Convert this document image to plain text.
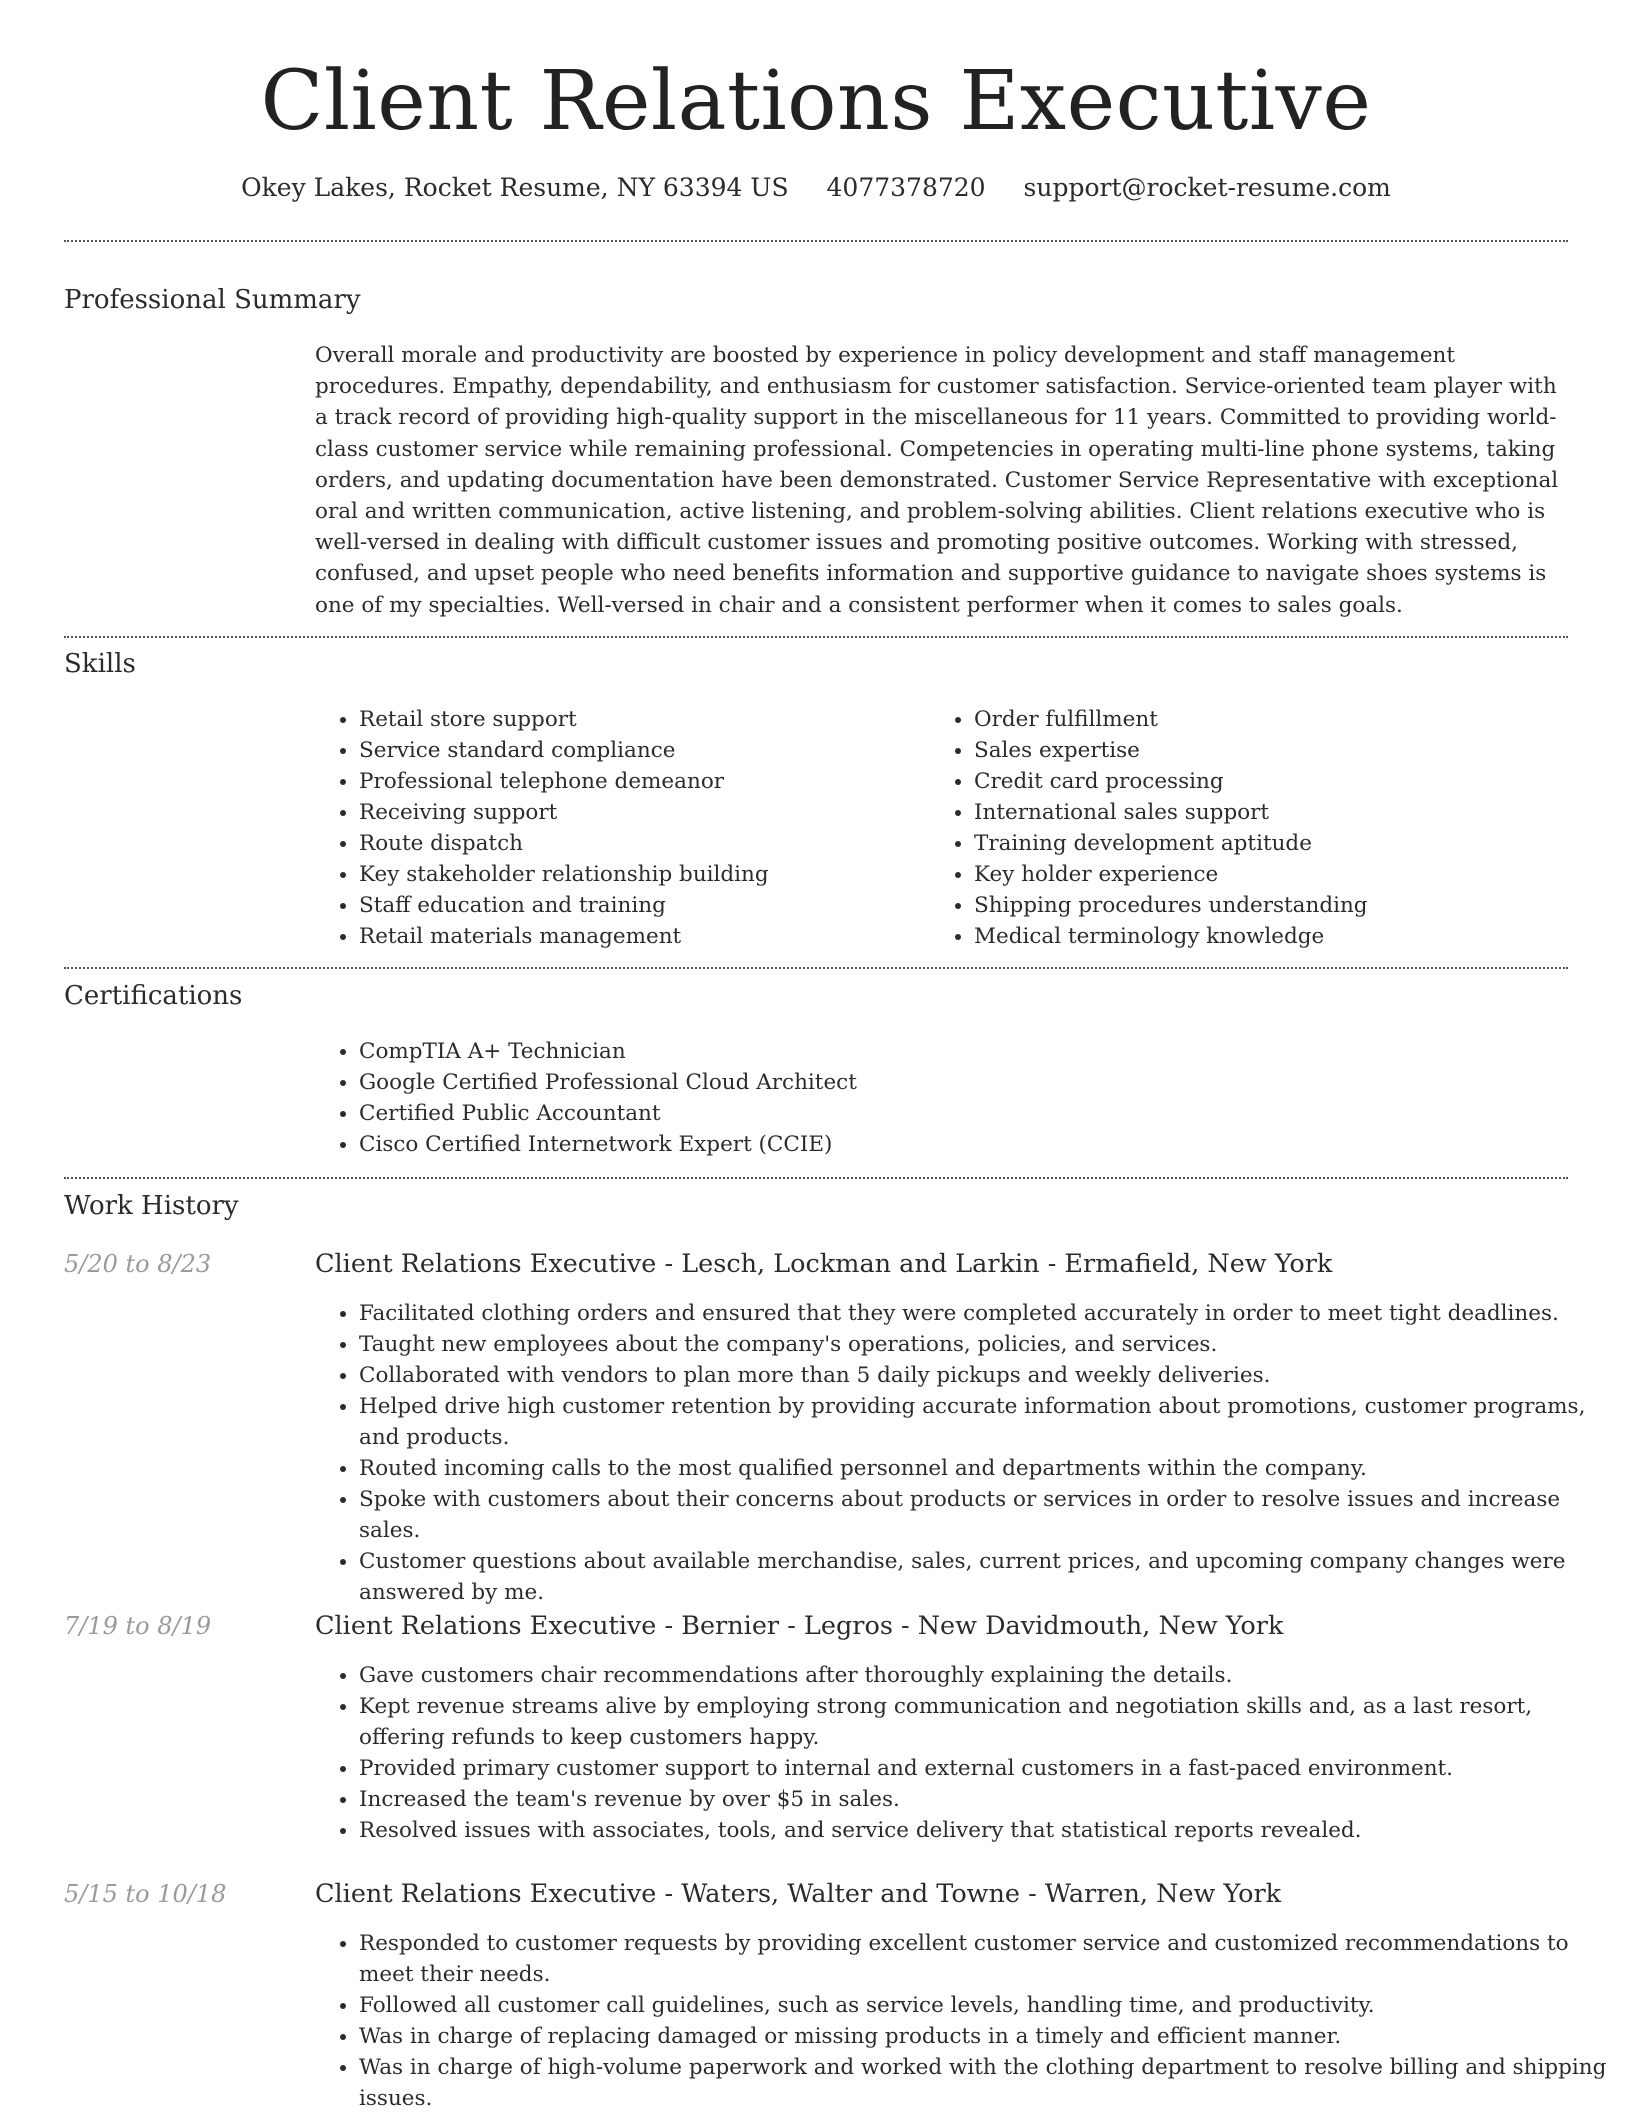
Client Relations Executive
Okey Lakes, Rocket Resume, NY 63394 US 4077378720 support@rocket-resume.com
Professional Summary
Overall morale and productivity are boosted by experience in policy development and staff management procedures. Empathy, dependability, and enthusiasm for customer satisfaction. Service-oriented team player with a track record of providing high-quality support in the miscellaneous for 11 years. Committed to providing world-class customer service while remaining professional. Competencies in operating multi-line phone systems, taking orders, and updating documentation have been demonstrated. Customer Service Representative with exceptional oral and written communication, active listening, and problem-solving abilities. Client relations executive who is well-versed in dealing with difficult customer issues and promoting positive outcomes. Working with stressed, confused, and upset people who need benefits information and supportive guidance to navigate shoes systems is one of my specialties. Well-versed in chair and a consistent performer when it comes to sales goals.
Skills
• Retail store support
• Service standard compliance
• Professional telephone demeanor
• Receiving support
• Route dispatch
• Key stakeholder relationship building
• Staff education and training
• Retail materials management
• Order fulfillment
• Sales expertise
• Credit card processing
• International sales support
• Training development aptitude
• Key holder experience
• Shipping procedures understanding
• Medical terminology knowledge
Certifications
• CompTIA A+ Technician
• Google Certified Professional Cloud Architect
• Certified Public Accountant
• Cisco Certified Internetwork Expert (CCIE)
Work History
5/20 to 8/23	Client Relations Executive - Lesch, Lockman and Larkin - Ermafield, New York
• Facilitated clothing orders and ensured that they were completed accurately in order to meet tight deadlines.
• Taught new employees about the company's operations, policies, and services.
• Collaborated with vendors to plan more than 5 daily pickups and weekly deliveries.
• Helped drive high customer retention by providing accurate information about promotions, customer programs, and products.
• Routed incoming calls to the most qualified personnel and departments within the company.
• Spoke with customers about their concerns about products or services in order to resolve issues and increase sales.
• Customer questions about available merchandise, sales, current prices, and upcoming company changes were answered by me.
7/19 to 8/19	Client Relations Executive - Bernier - Legros - New Davidmouth, New York
• Gave customers chair recommendations after thoroughly explaining the details.
• Kept revenue streams alive by employing strong communication and negotiation skills and, as a last resort, offering refunds to keep customers happy.
• Provided primary customer support to internal and external customers in a fast-paced environment.
• Increased the team's revenue by over $5 in sales.
• Resolved issues with associates, tools, and service delivery that statistical reports revealed.
5/15 to 10/18	Client Relations Executive - Waters, Walter and Towne - Warren, New York
• Responded to customer requests by providing excellent customer service and customized recommendations to meet their needs.
• Followed all customer call guidelines, such as service levels, handling time, and productivity.
• Was in charge of replacing damaged or missing products in a timely and efficient manner.
• Was in charge of high-volume paperwork and worked with the clothing department to resolve billing and shipping issues.
